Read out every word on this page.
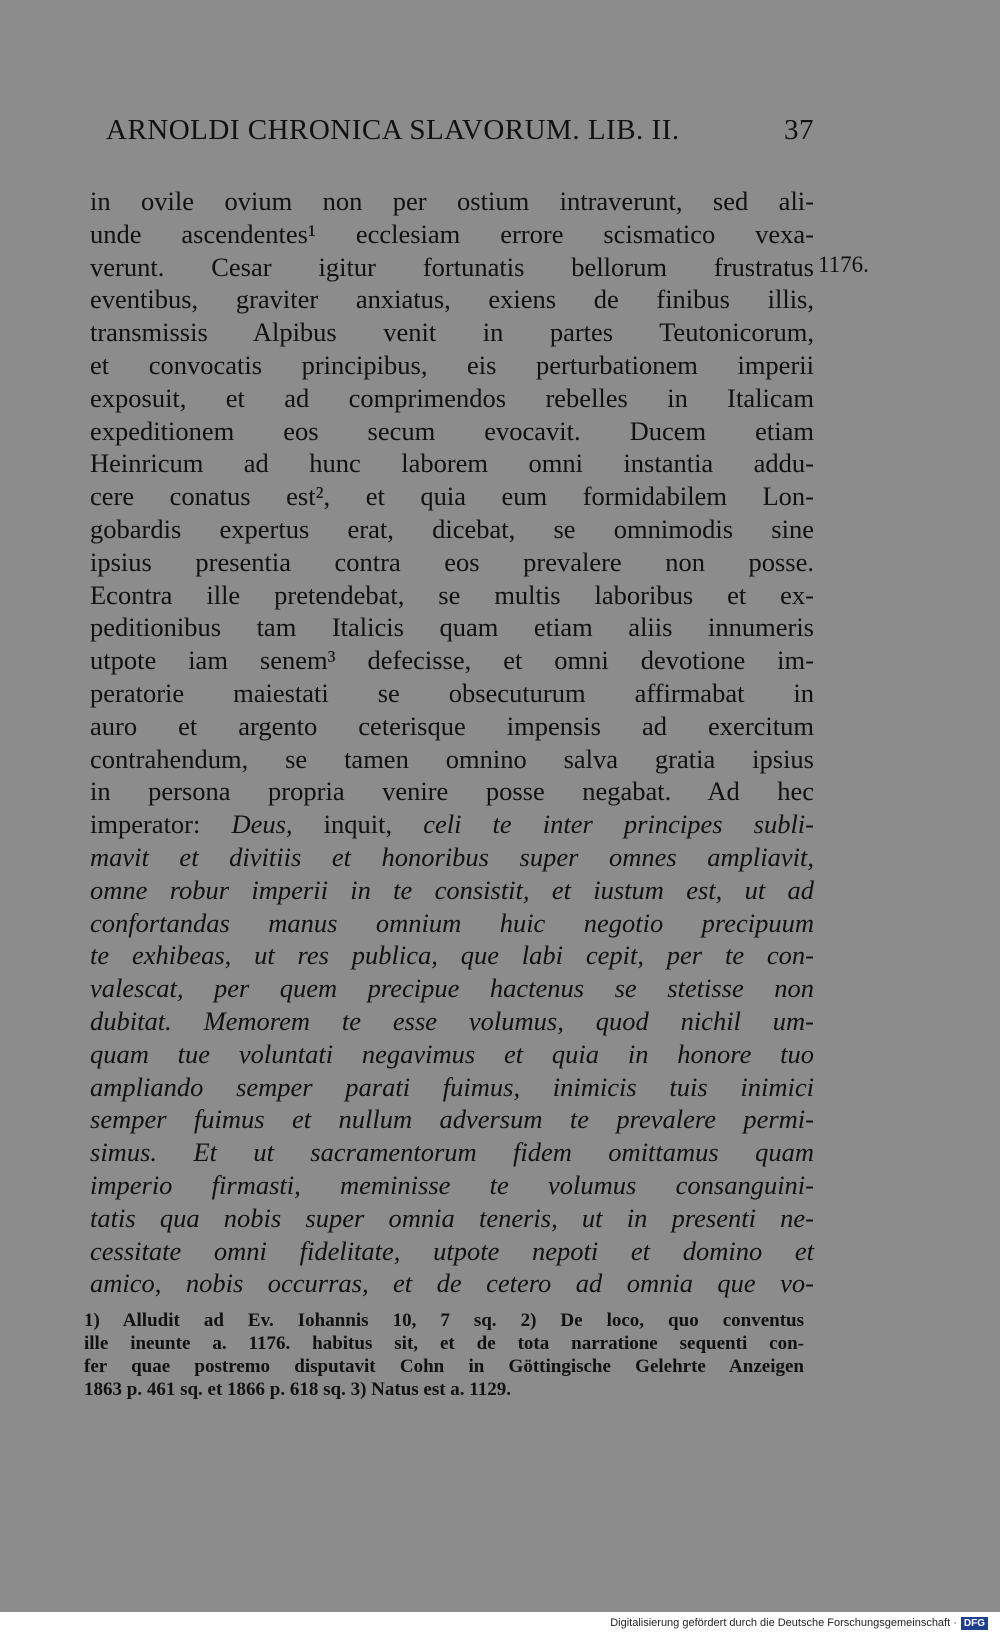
ARNOLDI CHRONICA SLAVORUM. LIB. II.	37
1176.
in ovile ovium non per ostium intraverunt, sed ali-
unde ascendentes¹ ecclesiam errore scismatico vexa-
verunt. Cesar igitur fortunatis bellorum frustratus
eventibus, graviter anxiatus, exiens de finibus illis,
transmissis Alpibus venit in partes Teutonicorum,
et convocatis principibus, eis perturbationem imperii
exposuit, et ad comprimendos rebelles in Italicam
expeditionem eos secum evocavit. Ducem etiam
Heinricum ad hunc laborem omni instantia addu-
cere conatus est², et quia eum formidabilem Lon-
gobardis expertus erat, dicebat, se omnimodis sine
ipsius presentia contra eos prevalere non posse.
Econtra ille pretendebat, se multis laboribus et ex-
peditionibus tam Italicis quam etiam aliis innumeris
utpote iam senem³ defecisse, et omni devotione im-
peratorie maiestati se obsecuturum affirmabat in
auro et argento ceterisque impensis ad exercitum
contrahendum, se tamen omnino salva gratia ipsius
in persona propria venire posse negabat. Ad hec
imperator: Deus, inquit, celi te inter principes subli-
mavit et divitiis et honoribus super omnes ampliavit,
omne robur imperii in te consistit, et iustum est, ut ad
confortandas manus omnium huic negotio precipuum
te exhibeas, ut res publica, que labi cepit, per te con-
valescat, per quem precipue hactenus se stetisse non
dubitat. Memorem te esse volumus, quod nichil um-
quam tue voluntati negavimus et quia in honore tuo
ampliando semper parati fuimus, inimicis tuis inimici
semper fuimus et nullum adversum te prevalere permi-
simus. Et ut sacramentorum fidem omittamus quam
imperio firmasti, meminisse te volumus consanguini-
tatis qua nobis super omnia teneris, ut in presenti ne-
cessitate omni fidelitate, utpote nepoti et domino et
amico, nobis occurras, et de cetero ad omnia que vo-
1) Alludit ad Ev. Iohannis 10, 7 sq. 2) De loco, quo conventus
ille ineunte a. 1176. habitus sit, et de tota narratione sequenti con-
fer quae postremo disputavit Cohn in Göttingische Gelehrte Anzeigen
1863 p. 461 sq. et 1866 p. 618 sq. 3) Natus est a. 1129.
Digitalisierung gefördert durch die Deutsche Forschungsgemeinschaft · DFG
